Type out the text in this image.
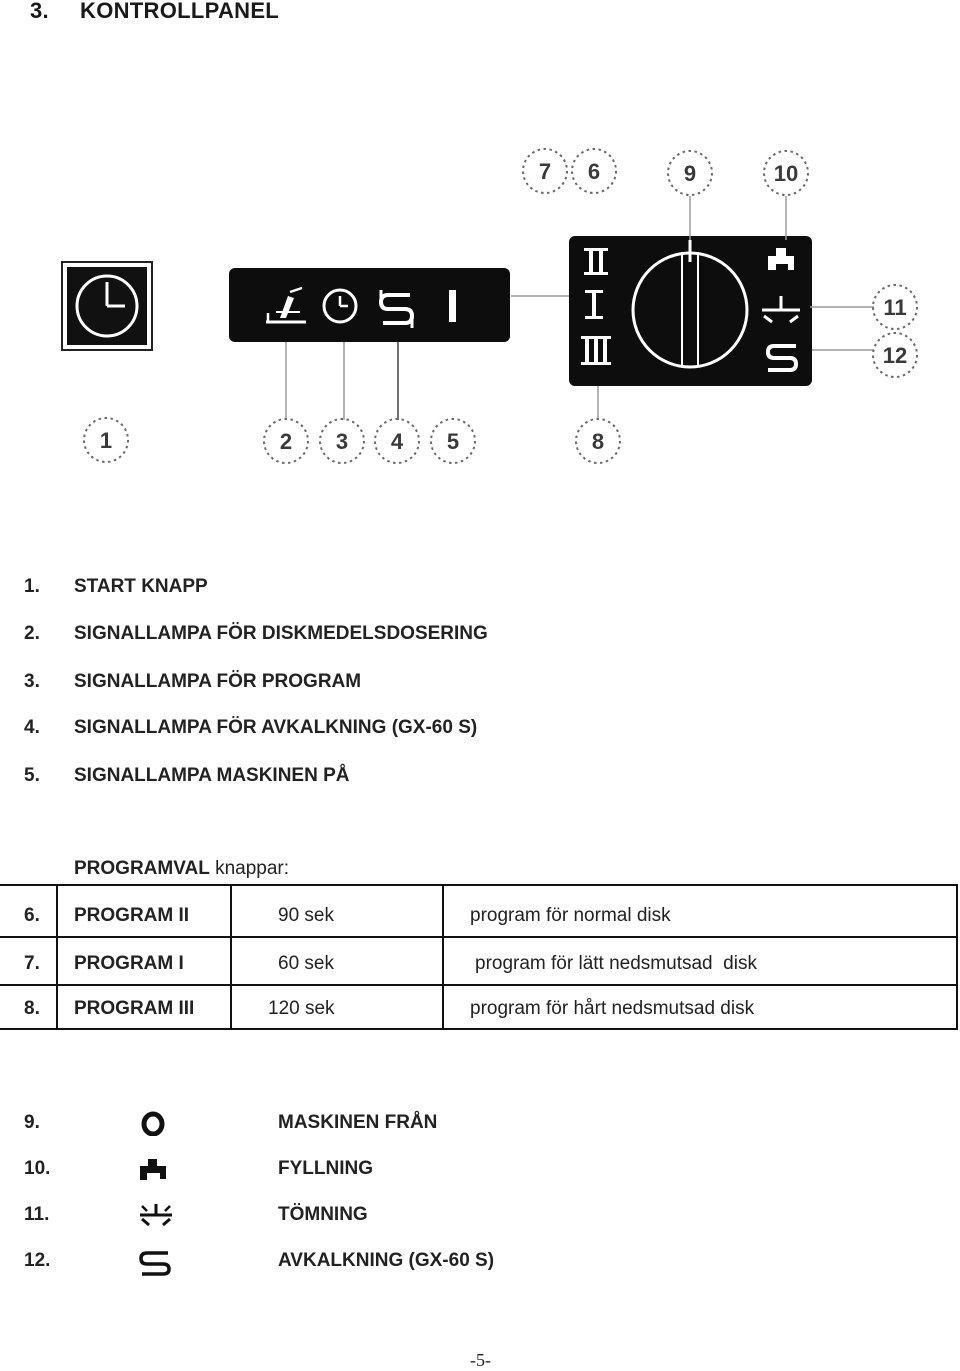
3. KONTROLLPANEL
7 6	9	10
11
12
1	2 3 4 5	8
1.	START KNAPP
2.	SIGNALLAMPA FÖR DISKMEDELSDOSERING
3.	SIGNALLAMPA FÖR PROGRAM
4.	SIGNALLAMPA FÖR AVKALKNING (GX-60 S)
5.	SIGNALLAMPA MASKINEN PÅ
PROGRAMVAL knappar:
6. PROGRAM II	90 sek	program för normal disk
7. PROGRAM I	60 sek	program för lätt nedsmutsad  disk
8. PROGRAM III	120 sek	program för hårt nedsmutsad disk
9.	MASKINEN FRÅN
10.	FYLLNING
11.	TÖMNING
12.	AVKALKNING (GX-60 S)
-5-
